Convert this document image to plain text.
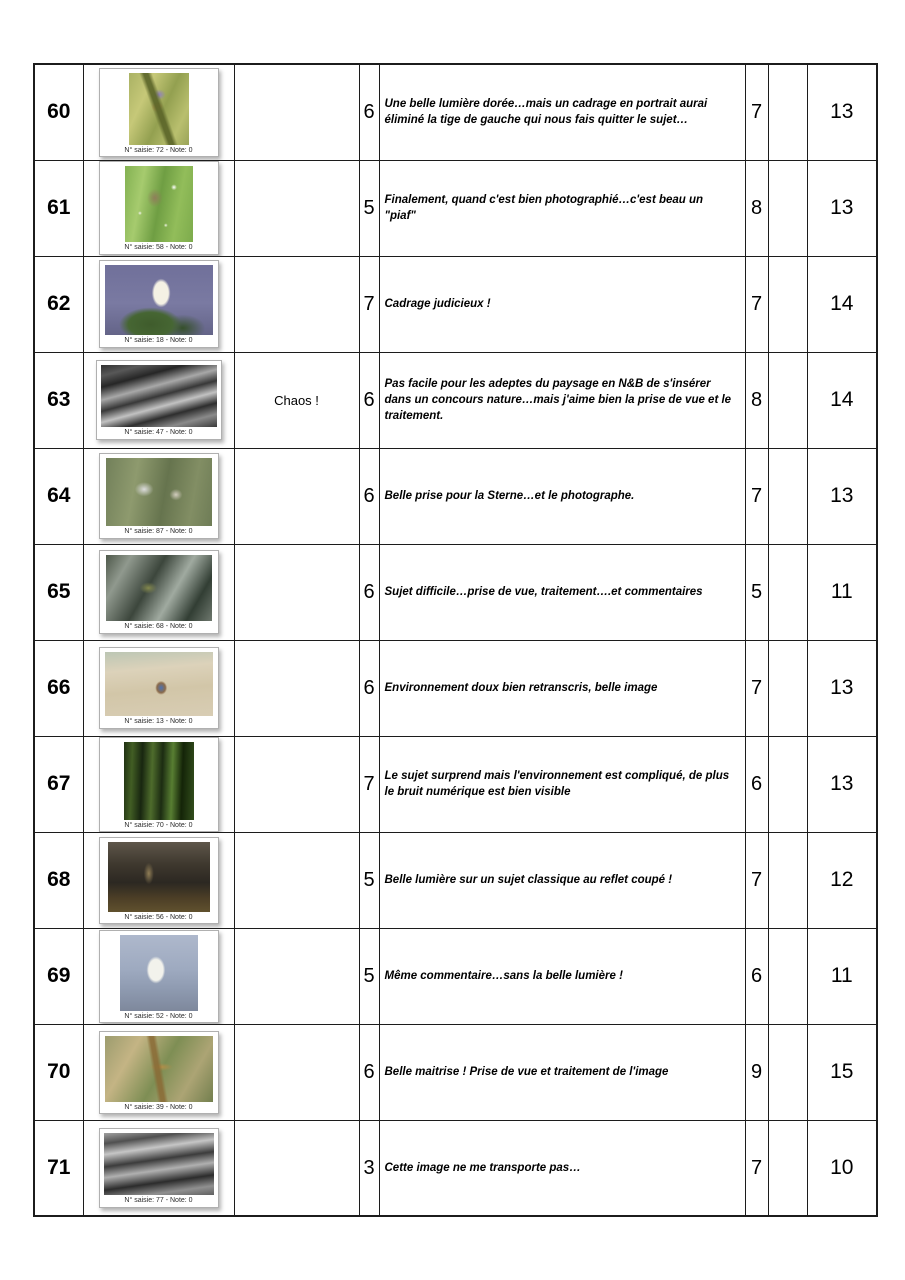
60	N° saisie: 72 - Note: 0		6	Une belle lumière dorée…mais un cadrage en portrait aurai éliminé la tige de gauche qui nous fais quitter le sujet…	7		13
61	N° saisie: 58 - Note: 0		5	Finalement, quand c'est bien photographié…c'est beau un "piaf"	8		13
62	N° saisie: 18 - Note: 0		7	Cadrage judicieux !	7		14
63	N° saisie: 47 - Note: 0	Chaos !	6	Pas facile pour les adeptes du paysage en N&B de s'insérer dans un concours nature…mais j'aime bien la prise de vue et le traitement.	8		14
64	N° saisie: 87 - Note: 0		6	Belle prise pour la Sterne…et le photographe.	7		13
65	N° saisie: 68 - Note: 0		6	Sujet difficile…prise de vue, traitement….et commentaires	5		11
66	N° saisie: 13 - Note: 0		6	Environnement doux bien retranscris, belle image	7		13
67	N° saisie: 70 - Note: 0		7	Le sujet surprend mais l'environnement est compliqué, de plus le bruit numérique est bien visible	6		13
68	N° saisie: 56 - Note: 0		5	Belle lumière sur un sujet classique au reflet coupé !	7		12
69	N° saisie: 52 - Note: 0		5	Même commentaire…sans la belle lumière !	6		11
70	N° saisie: 39 - Note: 0		6	Belle maitrise ! Prise de vue et traitement de l'image	9		15
71	N° saisie: 77 - Note: 0		3	Cette image ne me transporte pas…	7		10
